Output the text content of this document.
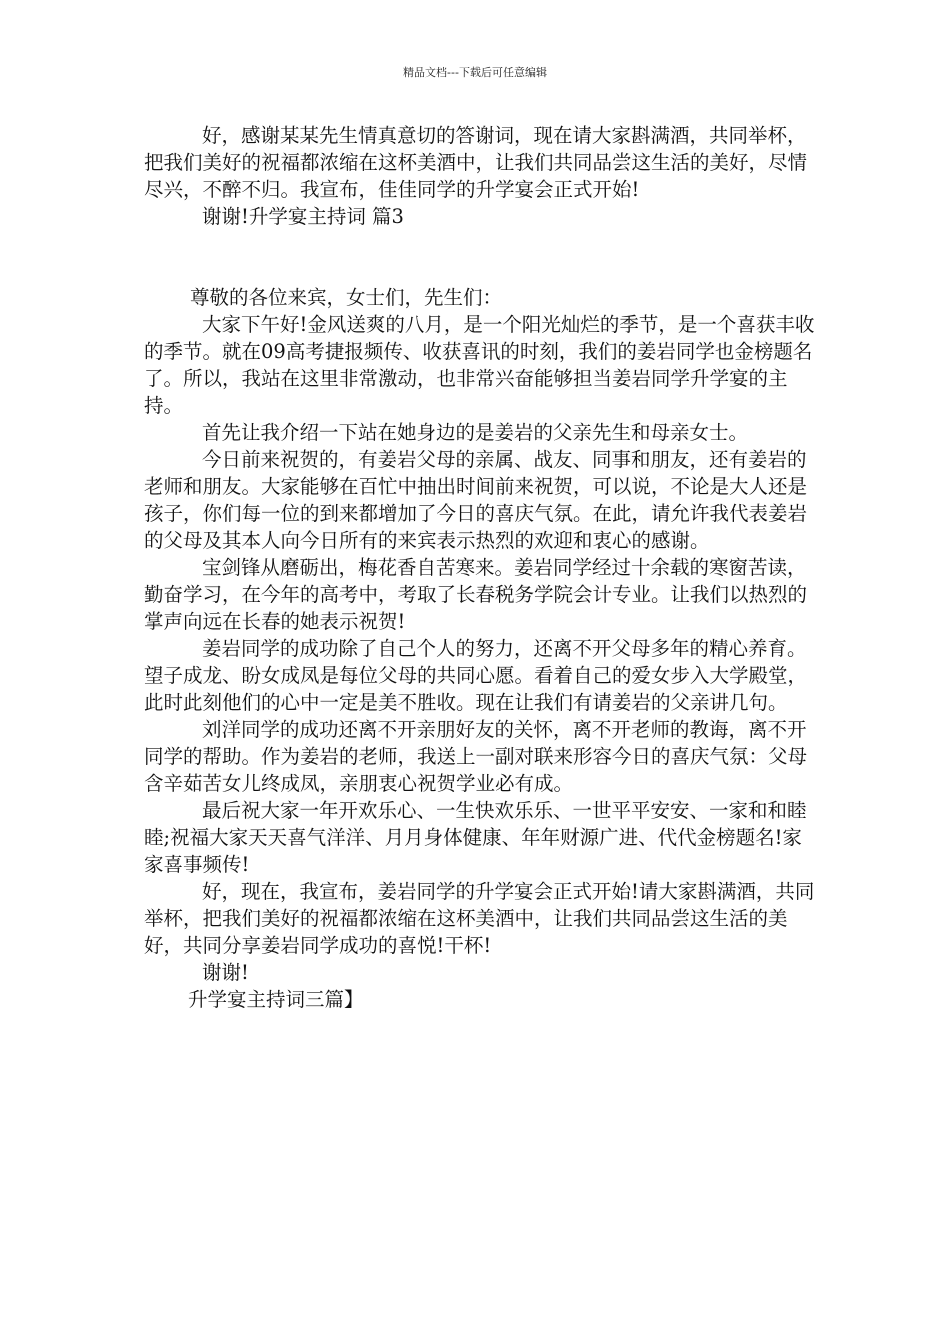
精品文档---下载后可任意编辑

好，感谢某某先生情真意切的答谢词，现在请大家斟满酒，共同举杯，把我们美好的祝福都浓缩在这杯美酒中，让我们共同品尝这生活的美好，尽情尽兴，不醉不归。我宣布，佳佳同学的升学宴会正式开始!

谢谢!升学宴主持词 篇3

尊敬的各位来宾，女士们，先生们：

大家下午好!金风送爽的八月，是一个阳光灿烂的季节，是一个喜获丰收的季节。就在09高考捷报频传、收获喜讯的时刻，我们的姜岩同学也金榜题名了。所以，我站在这里非常激动，也非常兴奋能够担当姜岩同学升学宴的主持。

首先让我介绍一下站在她身边的是姜岩的父亲先生和母亲女士。

今日前来祝贺的，有姜岩父母的亲属、战友、同事和朋友，还有姜岩的老师和朋友。大家能够在百忙中抽出时间前来祝贺，可以说，不论是大人还是孩子，你们每一位的到来都增加了今日的喜庆气氛。在此，请允许我代表姜岩的父母及其本人向今日所有的来宾表示热烈的欢迎和衷心的感谢。

宝剑锋从磨砺出，梅花香自苦寒来。姜岩同学经过十余载的寒窗苦读，勤奋学习，在今年的高考中，考取了长春税务学院会计专业。让我们以热烈的掌声向远在长春的她表示祝贺!

姜岩同学的成功除了自己个人的努力，还离不开父母多年的精心养育。望子成龙、盼女成凤是每位父母的共同心愿。看着自己的爱女步入大学殿堂，此时此刻他们的心中一定是美不胜收。现在让我们有请姜岩的父亲讲几句。

刘洋同学的成功还离不开亲朋好友的关怀，离不开老师的教诲，离不开同学的帮助。作为姜岩的老师，我送上一副对联来形容今日的喜庆气氛：父母含辛茹苦女儿终成凤，亲朋衷心祝贺学业必有成。

最后祝大家一年开欢乐心、一生快欢乐乐、一世平平安安、一家和和睦睦;祝福大家天天喜气洋洋、月月身体健康、年年财源广进、代代金榜题名!家家喜事频传!

好，现在，我宣布，姜岩同学的升学宴会正式开始!请大家斟满酒，共同举杯，把我们美好的祝福都浓缩在这杯美酒中，让我们共同品尝这生活的美好，共同分享姜岩同学成功的喜悦!干杯!

谢谢!

升学宴主持词三篇】
